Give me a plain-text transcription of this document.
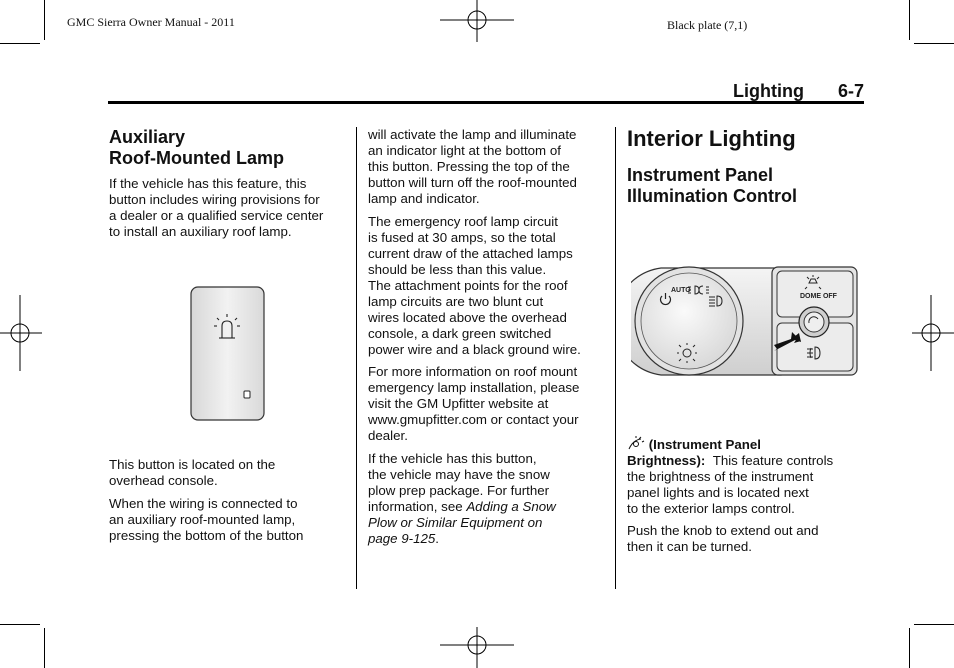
GMC Sierra Owner Manual - 2011	Black plate (7,1)
Lighting 6-7
Auxiliary
Roof-Mounted Lamp
If the vehicle has this feature, this
button includes wiring provisions for
a dealer or a qualified service center
to install an auxiliary roof lamp.
This button is located on the
overhead console.
When the wiring is connected to
an auxiliary roof-mounted lamp,
pressing the bottom of the button
will activate the lamp and illuminate
an indicator light at the bottom of
this button. Pressing the top of the
button will turn off the roof-mounted
lamp and indicator.
The emergency roof lamp circuit
is fused at 30 amps, so the total
current draw of the attached lamps
should be less than this value.
The attachment points for the roof
lamp circuits are two blunt cut
wires located above the overhead
console, a dark green switched
power wire and a black ground wire.
For more information on roof mount
emergency lamp installation, please
visit the GM Upfitter website at
www.gmupfitter.com or contact your
dealer.
If the vehicle has this button,
the vehicle may have the snow
plow prep package. For further
information, see Adding a Snow
Plow or Similar Equipment on
page 9-125.
Interior Lighting
Instrument Panel
Illumination Control
AUTO
DOME OFF
(Instrument Panel
Brightness): This feature controls
the brightness of the instrument
panel lights and is located next
to the exterior lamps control.
Push the knob to extend out and
then it can be turned.
